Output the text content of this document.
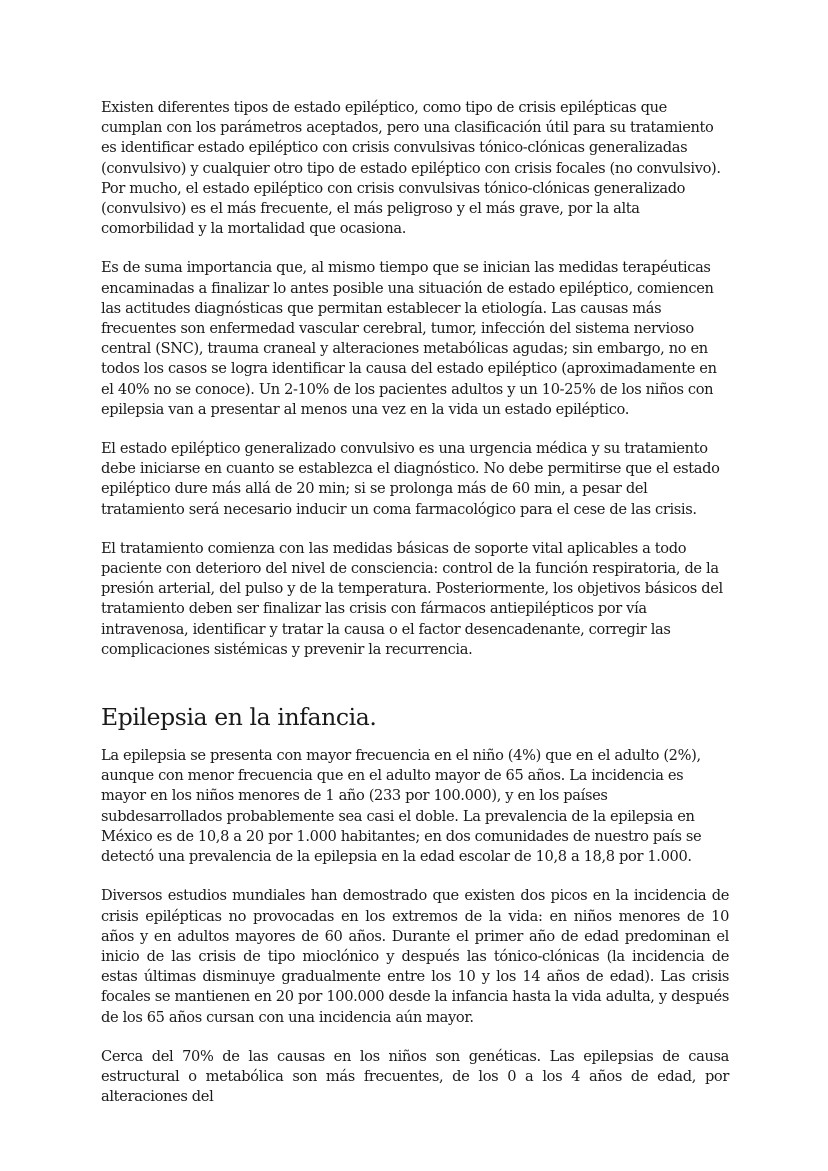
Existen diferentes tipos de estado epiléptico, como tipo de crisis epilépticas que cumplan con los parámetros aceptados, pero una clasificación útil para su tratamiento es identificar estado epiléptico con crisis convulsivas tónico-clónicas generalizadas (convulsivo) y cualquier otro tipo de estado epiléptico con crisis focales (no convulsivo). Por mucho, el estado epiléptico con crisis convulsivas tónico-clónicas generalizado (convulsivo) es el más frecuente, el más peligroso y el más grave, por la alta comorbilidad y la mortalidad que ocasiona.

Es de suma importancia que, al mismo tiempo que se inician las medidas terapéuticas encaminadas a finalizar lo antes posible una situación de estado epiléptico, comiencen las actitudes diagnósticas que permitan establecer la etiología. Las causas más frecuentes son enfermedad vascular cerebral, tumor, infección del sistema nervioso central (SNC), trauma craneal y alteraciones metabólicas agudas; sin embargo, no en todos los casos se logra identificar la causa del estado epiléptico (aproximadamente en el 40% no se conoce). Un 2-10% de los pacientes adultos y un 10-25% de los niños con epilepsia van a presentar al menos una vez en la vida un estado epiléptico.

El estado epiléptico generalizado convulsivo es una urgencia médica y su tratamiento debe iniciarse en cuanto se establezca el diagnóstico. No debe permitirse que el estado epiléptico dure más allá de 20 min; si se prolonga más de 60 min, a pesar del tratamiento será necesario inducir un coma farmacológico para el cese de las crisis.

El tratamiento comienza con las medidas básicas de soporte vital aplicables a todo paciente con deterioro del nivel de consciencia: control de la función respiratoria, de la presión arterial, del pulso y de la temperatura. Posteriormente, los objetivos básicos del tratamiento deben ser finalizar las crisis con fármacos antiepilépticos por vía intravenosa, identificar y tratar la causa o el factor desencadenante, corregir las complicaciones sistémicas y prevenir la recurrencia.

Epilepsia en la infancia.

La epilepsia se presenta con mayor frecuencia en el niño (4%) que en el adulto (2%), aunque con menor frecuencia que en el adulto mayor de 65 años. La incidencia es mayor en los niños menores de 1 año (233 por 100.000), y en los países subdesarrollados probablemente sea casi el doble. La prevalencia de la epilepsia en México es de 10,8 a 20 por 1.000 habitantes; en dos comunidades de nuestro país se detectó una prevalencia de la epilepsia en la edad escolar de 10,8 a 18,8 por 1.000.

Diversos estudios mundiales han demostrado que existen dos picos en la incidencia de crisis epilépticas no provocadas en los extremos de la vida: en niños menores de 10 años y en adultos mayores de 60 años. Durante el primer año de edad predominan el inicio de las crisis de tipo mioclónico y después las tónico-clónicas (la incidencia de estas últimas disminuye gradualmente entre los 10 y los 14 años de edad). Las crisis focales se mantienen en 20 por 100.000 desde la infancia hasta la vida adulta, y después de los 65 años cursan con una incidencia aún mayor.

Cerca del 70% de las causas en los niños son genéticas. Las epilepsias de causa estructural o metabólica son más frecuentes, de los 0 a los 4 años de edad, por alteraciones del
